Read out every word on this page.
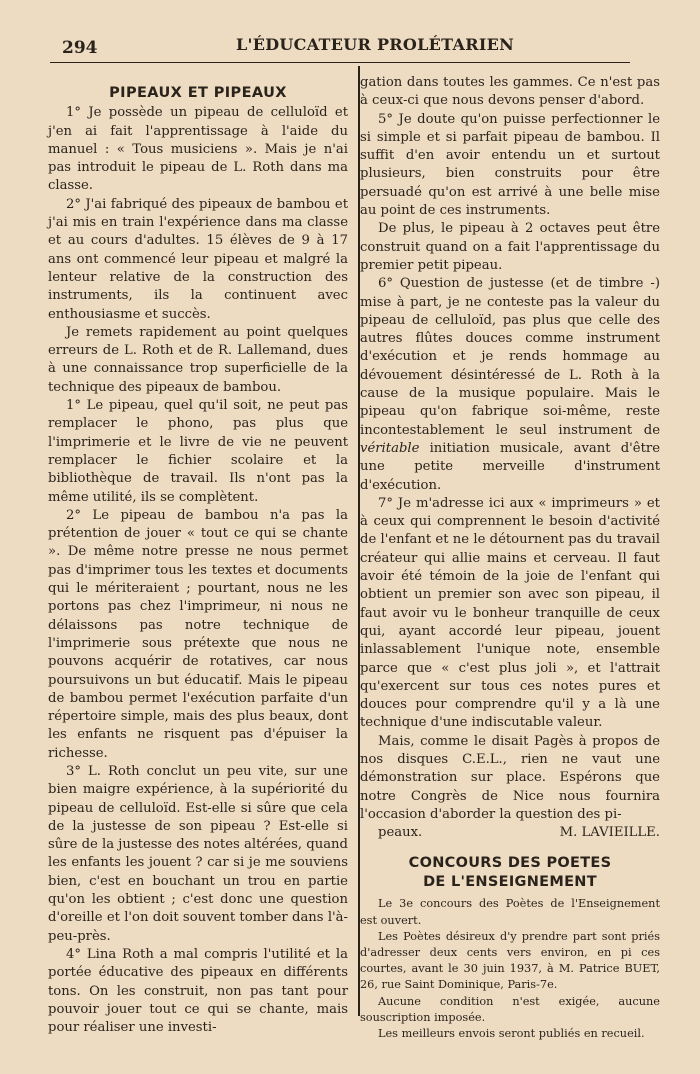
294	L'ÉDUCATEUR PROLÉTARIEN
PIPEAUX ET PIPEAUX

1° Je possède un pipeau de celluloïd et j'en ai fait l'apprentissage à l'aide du manuel : « Tous musiciens ». Mais je n'ai pas introduit le pipeau de L. Roth dans ma classe.

2° J'ai fabriqué des pipeaux de bambou et j'ai mis en train l'expérience dans ma classe et au cours d'adultes. 15 élèves de 9 à 17 ans ont commencé leur pipeau et malgré la lenteur relative de la construction des instruments, ils la continuent avec enthousiasme et succès.

Je remets rapidement au point quelques erreurs de L. Roth et de R. Lallemand, dues à une connaissance trop superficielle de la technique des pipeaux de bambou.

1° Le pipeau, quel qu'il soit, ne peut pas remplacer le phono, pas plus que l'imprimerie et le livre de vie ne peuvent remplacer le fichier scolaire et la bibliothèque de travail. Ils n'ont pas la même utilité, ils se complètent.

2° Le pipeau de bambou n'a pas la prétention de jouer « tout ce qui se chante ». De même notre presse ne nous permet pas d'imprimer tous les textes et documents qui le mériteraient ; pourtant, nous ne les portons pas chez l'imprimeur, ni nous ne délaissons pas notre technique de l'imprimerie sous prétexte que nous ne pouvons acquérir de rotatives, car nous poursuivons un but éducatif. Mais le pipeau de bambou permet l'exécution parfaite d'un répertoire simple, mais des plus beaux, dont les enfants ne risquent pas d'épuiser la richesse.

3° L. Roth conclut un peu vite, sur une bien maigre expérience, à la supériorité du pipeau de celluloïd. Est-elle si sûre que cela de la justesse de son pipeau ? Est-elle si sûre de la justesse des notes altérées, quand les enfants les jouent ? car si je me souviens bien, c'est en bouchant un trou en partie qu'on les obtient ; c'est donc une question d'oreille et l'on doit souvent tomber dans l'à-peu-près.

4° Lina Roth a mal compris l'utilité et la portée éducative des pipeaux en différents tons. On les construit, non pas tant pour pouvoir jouer tout ce qui se chante, mais pour réaliser une investi-

gation dans toutes les gammes. Ce n'est pas à ceux-ci que nous devons penser d'abord.

5° Je doute qu'on puisse perfectionner le si simple et si parfait pipeau de bambou. Il suffit d'en avoir entendu un et surtout plusieurs, bien construits pour être persuadé qu'on est arrivé à une belle mise au point de ces instruments.

De plus, le pipeau à 2 octaves peut être construit quand on a fait l'apprentissage du premier petit pipeau.

6° Question de justesse (et de timbre -) mise à part, je ne conteste pas la valeur du pipeau de celluloïd, pas plus que celle des autres flûtes douces comme instrument d'exécution et je rends hommage au dévouement désintéressé de L. Roth à la cause de la musique populaire. Mais le pipeau qu'on fabrique soi-même, reste incontestablement le seul instrument de véritable initiation musicale, avant d'être une petite merveille d'instrument d'exécution.

7° Je m'adresse ici aux « imprimeurs » et à ceux qui comprennent le besoin d'activité de l'enfant et ne le détournent pas du travail créateur qui allie mains et cerveau. Il faut avoir été témoin de la joie de l'enfant qui obtient un premier son avec son pipeau, il faut avoir vu le bonheur tranquille de ceux qui, ayant accordé leur pipeau, jouent inlassablement l'unique note, ensemble parce que « c'est plus joli », et l'attrait qu'exercent sur tous ces notes pures et douces pour comprendre qu'il y a là une technique d'une indiscutable valeur.

Mais, comme le disait Pagès à propos de nos disques C.E.L., rien ne vaut une démonstration sur place. Espérons que notre Congrès de Nice nous fournira l'occasion d'aborder la question des pi-

peaux.	M. LAVIEILLE.

CONCOURS DES POETES
DE L'ENSEIGNEMENT

Le 3e concours des Poètes de l'Enseignement est ouvert.

Les Poètes désireux d'y prendre part sont priés d'adresser deux cents vers environ, en pi ces courtes, avant le 30 juin 1937, à M. Patrice BUET, 26, rue Saint Dominique, Paris-7e.

Aucune condition n'est exigée, aucune souscription imposée.

Les meilleurs envois seront publiés en recueil.
